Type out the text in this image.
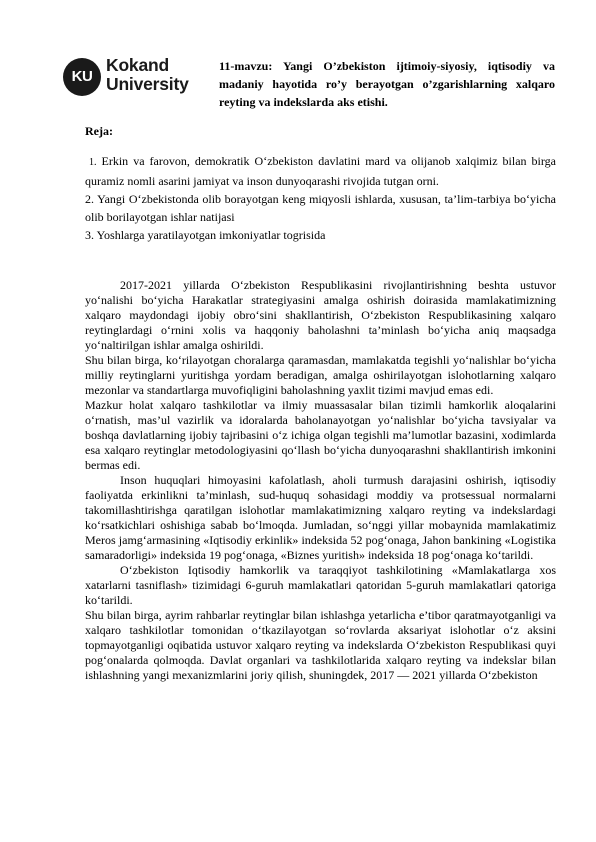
KU
Kokand
University
11-mavzu: Yangi O’zbekiston ijtimoiy-siyosiy, iqtisodiy va madaniy hayotida ro’y berayotgan o’zgarishlarning xalqaro reyting va indekslarda aks etishi.
Reja:

1. Erkin va farovon, demokratik O‘zbekiston davlatini mard va olijanob xalqimiz bilan birga quramiz nomli asarini jamiyat va inson dunyoqarashi rivojida tutgan orni.

2. Yangi O‘zbekistonda olib borayotgan keng miqyosli ishlarda, xususan, ta’lim-tarbiya bo‘yicha olib borilayotgan ishlar natijasi

3. Yoshlarga yaratilayotgan imkoniyatlar togrisida

2017-2021 yillarda O‘zbekiston Respublikasini rivojlantirishning beshta ustuvor yo‘nalishi bo‘yicha Harakatlar strategiyasini amalga oshirish doirasida mamlakatimizning xalqaro maydondagi ijobiy obro‘sini shakllantirish, O‘zbekiston Respublikasining xalqaro reytinglardagi o‘rnini xolis va haqqoniy baholashni ta’minlash bo‘yicha aniq maqsadga yo‘naltirilgan ishlar amalga oshirildi.

Shu bilan birga, ko‘rilayotgan choralarga qaramasdan, mamlakatda tegishli yo‘nalishlar bo‘yicha milliy reytinglarni yuritishga yordam beradigan, amalga oshirilayotgan islohotlarning xalqaro mezonlar va standartlarga muvofiqligini baholashning yaxlit tizimi mavjud emas edi.

Mazkur holat xalqaro tashkilotlar va ilmiy muassasalar bilan tizimli hamkorlik aloqalarini o‘rnatish, mas’ul vazirlik va idoralarda baholanayotgan yo‘nalishlar bo‘yicha tavsiyalar va boshqa davlatlarning ijobiy tajribasini o‘z ichiga olgan tegishli ma’lumotlar bazasini, xodimlarda esa xalqaro reytinglar metodologiyasini qo‘llash bo‘yicha dunyoqarashni shakllantirish imkonini bermas edi.

Inson huquqlari himoyasini kafolatlash, aholi turmush darajasini oshirish, iqtisodiy faoliyatda erkinlikni ta’minlash, sud-huquq sohasidagi moddiy va protsessual normalarni takomillashtirishga qaratilgan islohotlar mamlakatimizning xalqaro reyting va indekslardagi ko‘rsatkichlari oshishiga sabab bo‘lmoqda. Jumladan, so‘nggi yillar mobaynida mamlakatimiz Meros jamg‘armasining «Iqtisodiy erkinlik» indeksida 52 pog‘onaga, Jahon bankining «Logistika samaradorligi» indeksida 19 pog‘onaga, «Biznes yuritish» indeksida 18 pog‘onaga ko‘tarildi.

O‘zbekiston Iqtisodiy hamkorlik va taraqqiyot tashkilotining «Mamlakatlarga xos xatarlarni tasniflash» tizimidagi 6-guruh mamlakatlari qatoridan 5-guruh mamlakatlari qatoriga ko‘tarildi.

Shu bilan birga, ayrim rahbarlar reytinglar bilan ishlashga yetarlicha e’tibor qaratmayotganligi va xalqaro tashkilotlar tomonidan o‘tkazilayotgan so‘rovlarda aksariyat islohotlar o‘z aksini topmayotganligi oqibatida ustuvor xalqaro reyting va indekslarda O‘zbekiston Respublikasi quyi pog‘onalarda qolmoqda. Davlat organlari va tashkilotlarida xalqaro reyting va indekslar bilan ishlashning yangi mexanizmlarini joriy qilish, shuningdek, 2017 — 2021 yillarda O‘zbekiston
